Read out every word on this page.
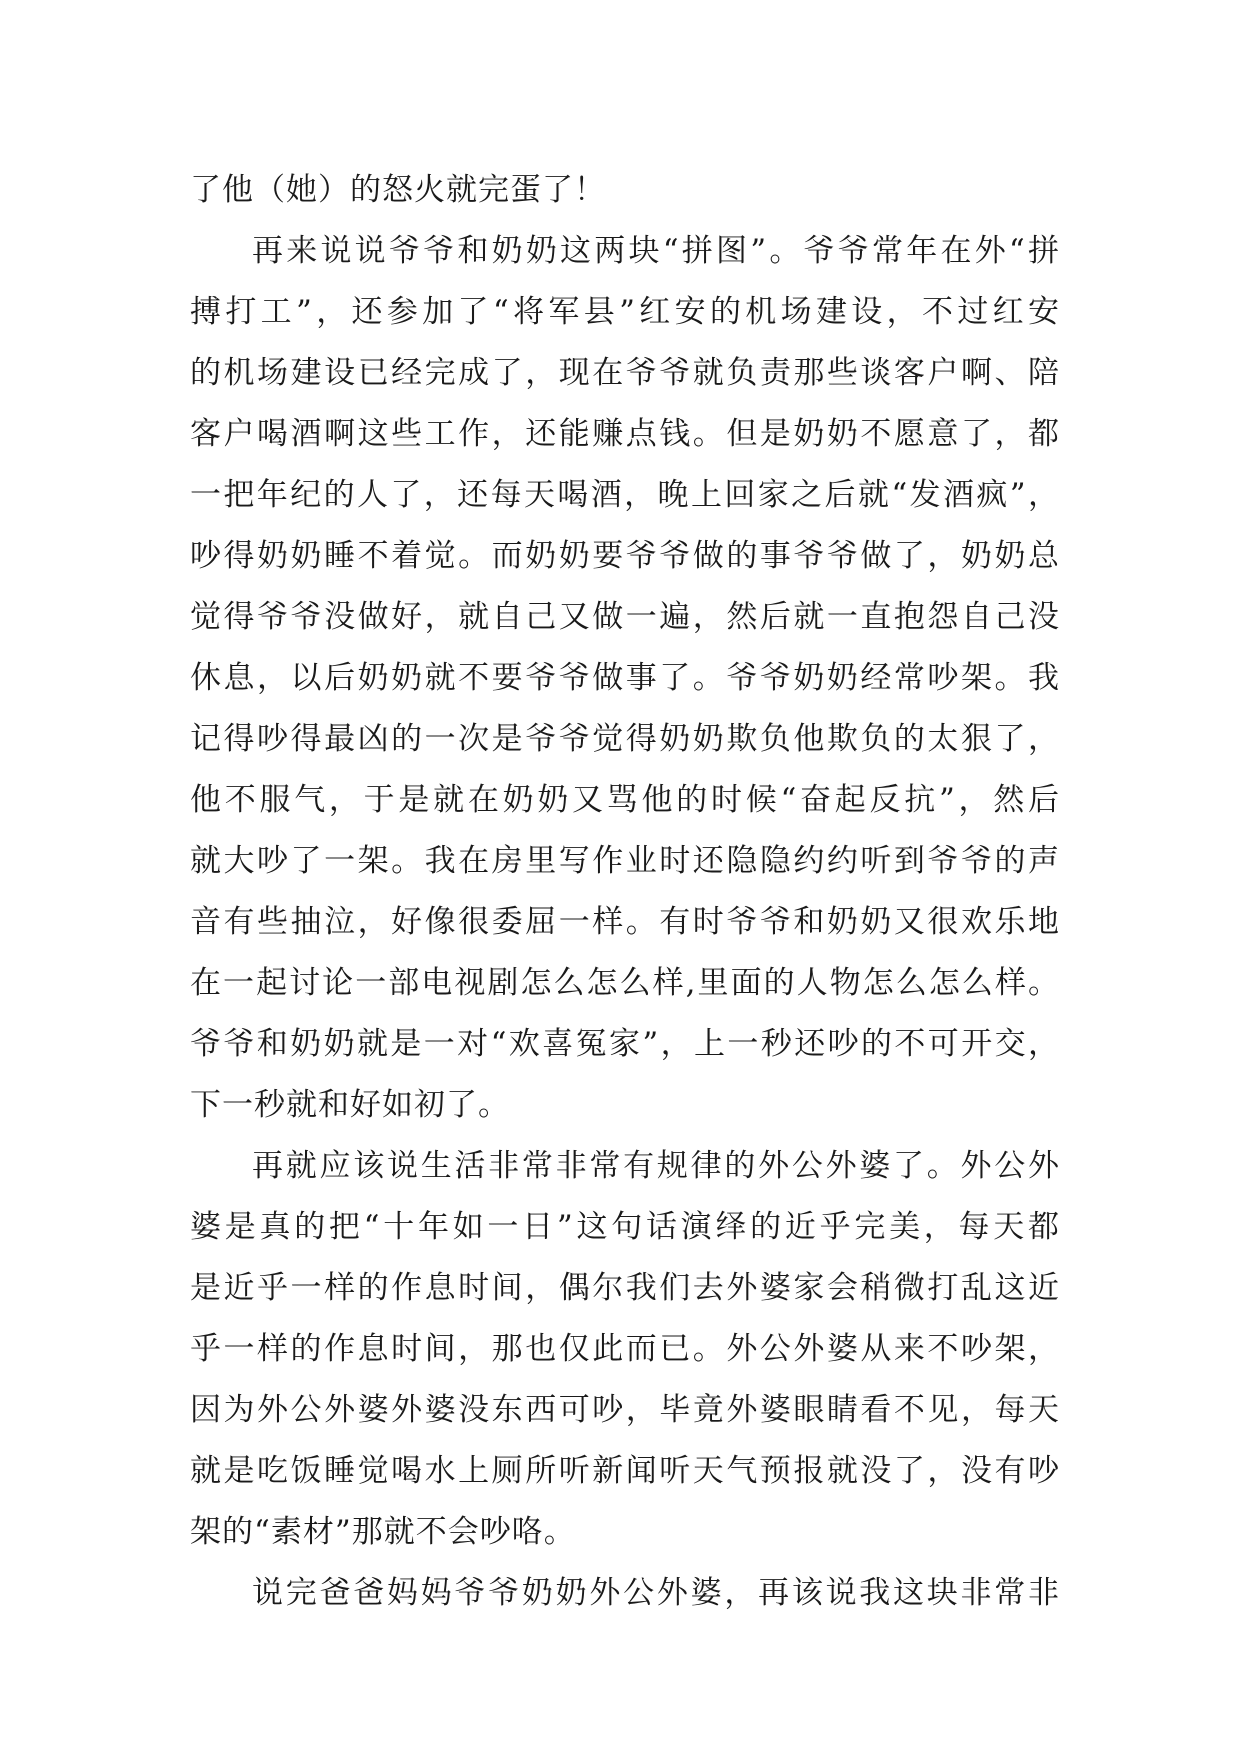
了他（她）的怒火就完蛋了！
再来说说爷爷和奶奶这两块“拼图”。爷爷常年在外“拼
搏打工”，还参加了“将军县”红安的机场建设，不过红安
的机场建设已经完成了，现在爷爷就负责那些谈客户啊、陪
客户喝酒啊这些工作，还能赚点钱。但是奶奶不愿意了，都
一把年纪的人了，还每天喝酒，晚上回家之后就“发酒疯”，
吵得奶奶睡不着觉。而奶奶要爷爷做的事爷爷做了，奶奶总
觉得爷爷没做好，就自己又做一遍，然后就一直抱怨自己没
休息，以后奶奶就不要爷爷做事了。爷爷奶奶经常吵架。我
记得吵得最凶的一次是爷爷觉得奶奶欺负他欺负的太狠了，
他不服气，于是就在奶奶又骂他的时候“奋起反抗”，然后
就大吵了一架。我在房里写作业时还隐隐约约听到爷爷的声
音有些抽泣，好像很委屈一样。有时爷爷和奶奶又很欢乐地
在一起讨论一部电视剧怎么怎么样,里面的人物怎么怎么样。
爷爷和奶奶就是一对“欢喜冤家”，上一秒还吵的不可开交，
下一秒就和好如初了。
再就应该说生活非常非常有规律的外公外婆了。外公外
婆是真的把“十年如一日”这句话演绎的近乎完美，每天都
是近乎一样的作息时间，偶尔我们去外婆家会稍微打乱这近
乎一样的作息时间，那也仅此而已。外公外婆从来不吵架，
因为外公外婆外婆没东西可吵，毕竟外婆眼睛看不见，每天
就是吃饭睡觉喝水上厕所听新闻听天气预报就没了，没有吵
架的“素材”那就不会吵咯。
说完爸爸妈妈爷爷奶奶外公外婆，再该说我这块非常非
